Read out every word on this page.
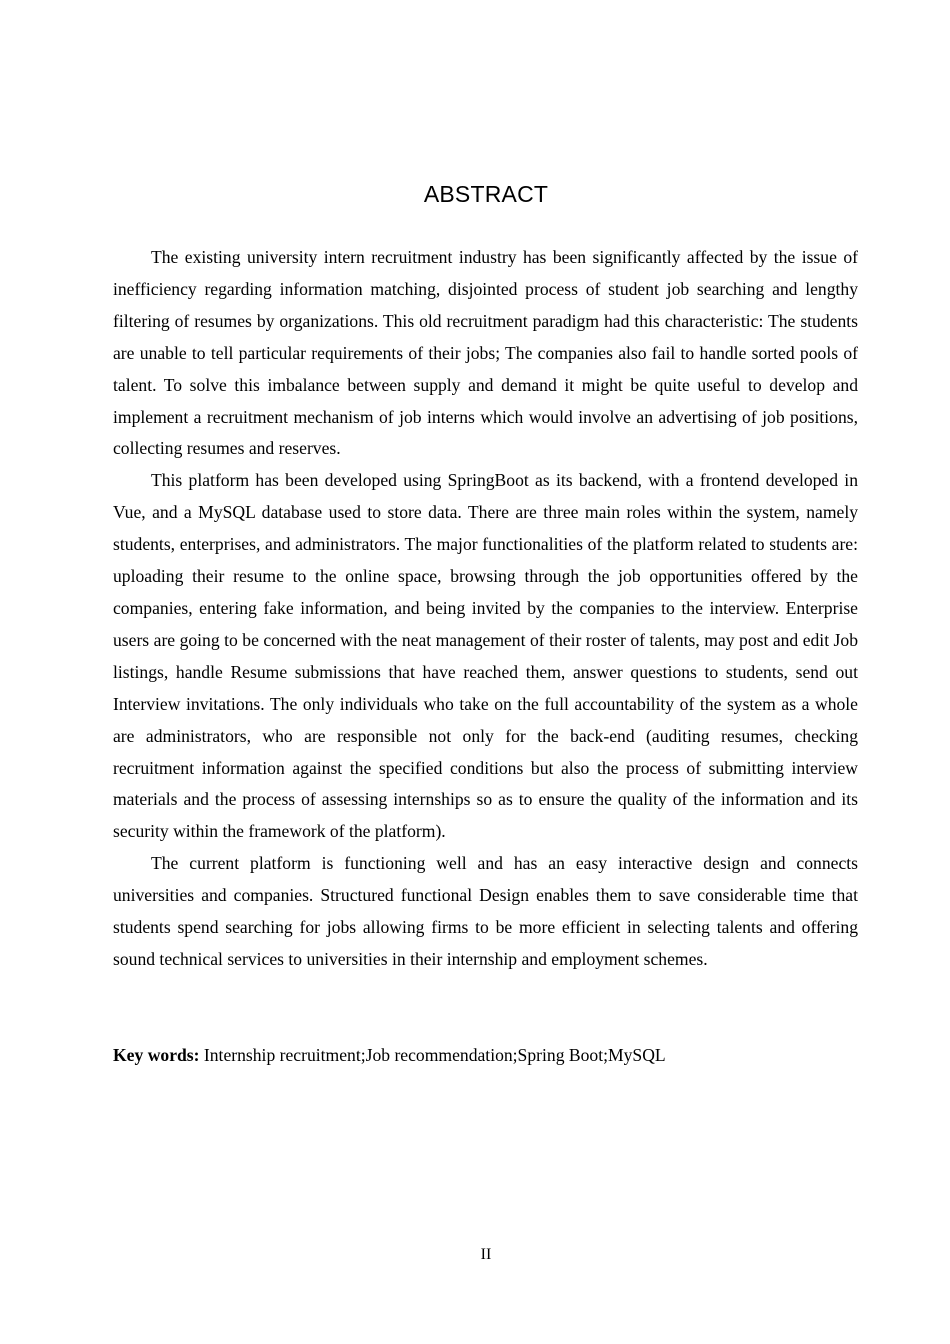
ABSTRACT

The existing university intern recruitment industry has been significantly affected by the issue of inefficiency regarding information matching, disjointed process of student job searching and lengthy filtering of resumes by organizations. This old recruitment paradigm had this characteristic: The students are unable to tell particular requirements of their jobs; The companies also fail to handle sorted pools of talent. To solve this imbalance between supply and demand it might be quite useful to develop and implement a recruitment mechanism of job interns which would involve an advertising of job positions, collecting resumes and reserves.

This platform has been developed using SpringBoot as its backend, with a frontend developed in Vue, and a MySQL database used to store data. There are three main roles within the system, namely students, enterprises, and administrators. The major functionalities of the platform related to students are: uploading their resume to the online space, browsing through the job opportunities offered by the companies, entering fake information, and being invited by the companies to the interview. Enterprise users are going to be concerned with the neat management of their roster of talents, may post and edit Job listings, handle Resume submissions that have reached them, answer questions to students, send out Interview invitations. The only individuals who take on the full accountability of the system as a whole are administrators, who are responsible not only for the back-end (auditing resumes, checking recruitment information against the specified conditions but also the process of submitting interview materials and the process of assessing internships so as to ensure the quality of the information and its security within the framework of the platform).

The current platform is functioning well and has an easy interactive design and connects universities and companies. Structured functional Design enables them to save considerable time that students spend searching for jobs allowing firms to be more efficient in selecting talents and offering sound technical services to universities in their internship and employment schemes.

Key words: Internship recruitment;Job recommendation;Spring Boot;MySQL
II
